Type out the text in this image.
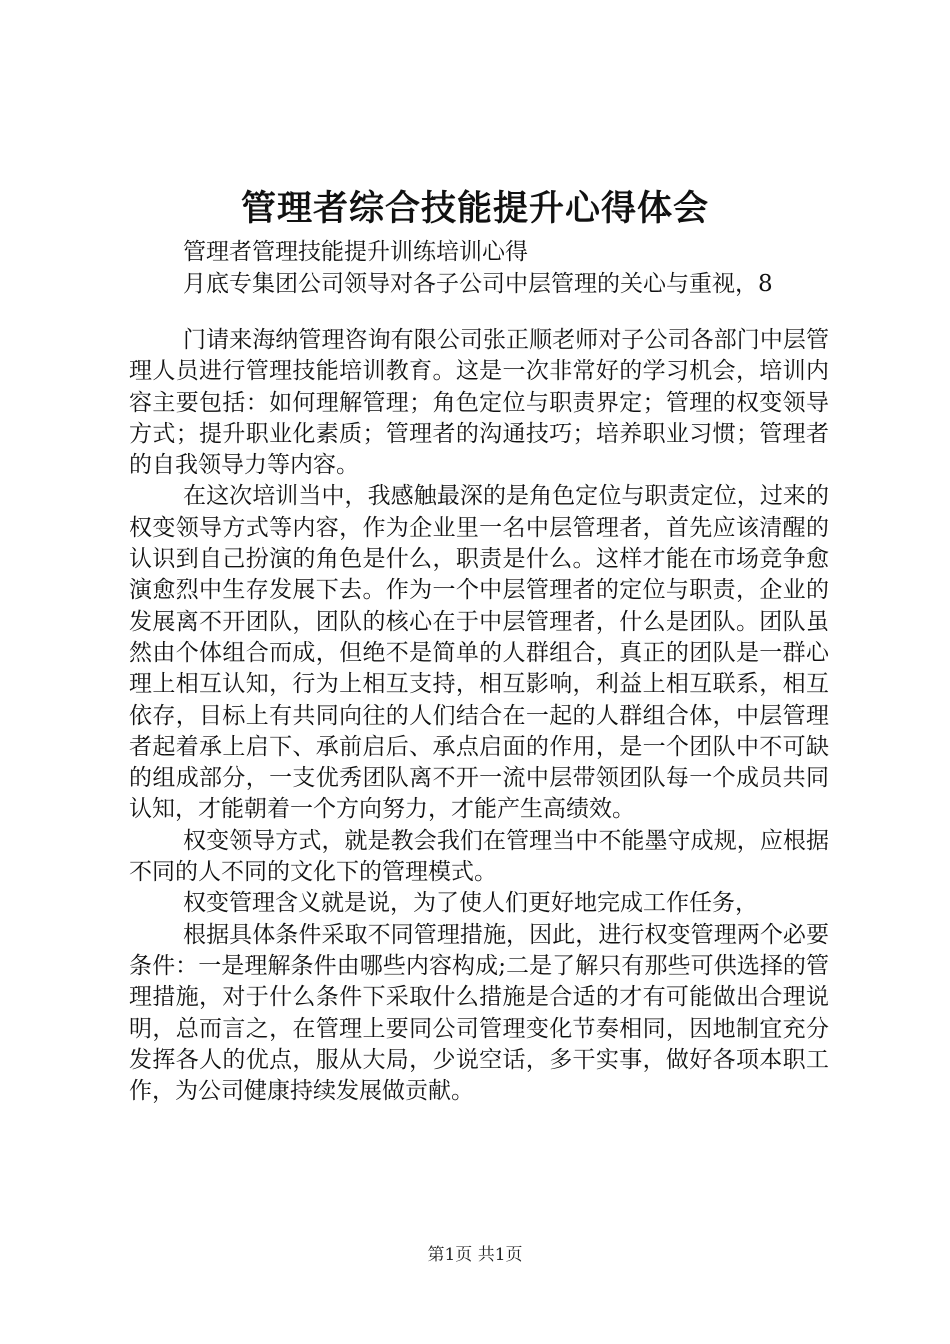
管理者综合技能提升心得体会
管理者管理技能提升训练培训心得
月底专集团公司领导对各子公司中层管理的关心与重视，8

门请来海纳管理咨询有限公司张正顺老师对子公司各部门中层管理人员进行管理技能培训教育。这是一次非常好的学习机会，培训内容主要包括：如何理解管理；角色定位与职责界定；管理的权变领导方式；提升职业化素质；管理者的沟通技巧；培养职业习惯；管理者的自我领导力等内容。

在这次培训当中，我感触最深的是角色定位与职责定位，过来的权变领导方式等内容，作为企业里一名中层管理者，首先应该清醒的认识到自己扮演的角色是什么，职责是什么。这样才能在市场竞争愈演愈烈中生存发展下去。作为一个中层管理者的定位与职责，企业的发展离不开团队，团队的核心在于中层管理者，什么是团队。团队虽然由个体组合而成，但绝不是简单的人群组合，真正的团队是一群心理上相互认知，行为上相互支持，相互影响，利益上相互联系，相互依存，目标上有共同向往的人们结合在一起的人群组合体，中层管理者起着承上启下、承前启后、承点启面的作用，是一个团队中不可缺的组成部分，一支优秀团队离不开一流中层带领团队每一个成员共同认知，才能朝着一个方向努力，才能产生高绩效。

权变领导方式，就是教会我们在管理当中不能墨守成规，应根据不同的人不同的文化下的管理模式。

权变管理含义就是说，为了使人们更好地完成工作任务，

根据具体条件采取不同管理措施，因此，进行权变管理两个必要条件：一是理解条件由哪些内容构成;二是了解只有那些可供选择的管理措施，对于什么条件下采取什么措施是合适的才有可能做出合理说明，总而言之，在管理上要同公司管理变化节奏相同，因地制宜充分发挥各人的优点，服从大局，少说空话，多干实事，做好各项本职工作，为公司健康持续发展做贡献。

第1页 共1页
